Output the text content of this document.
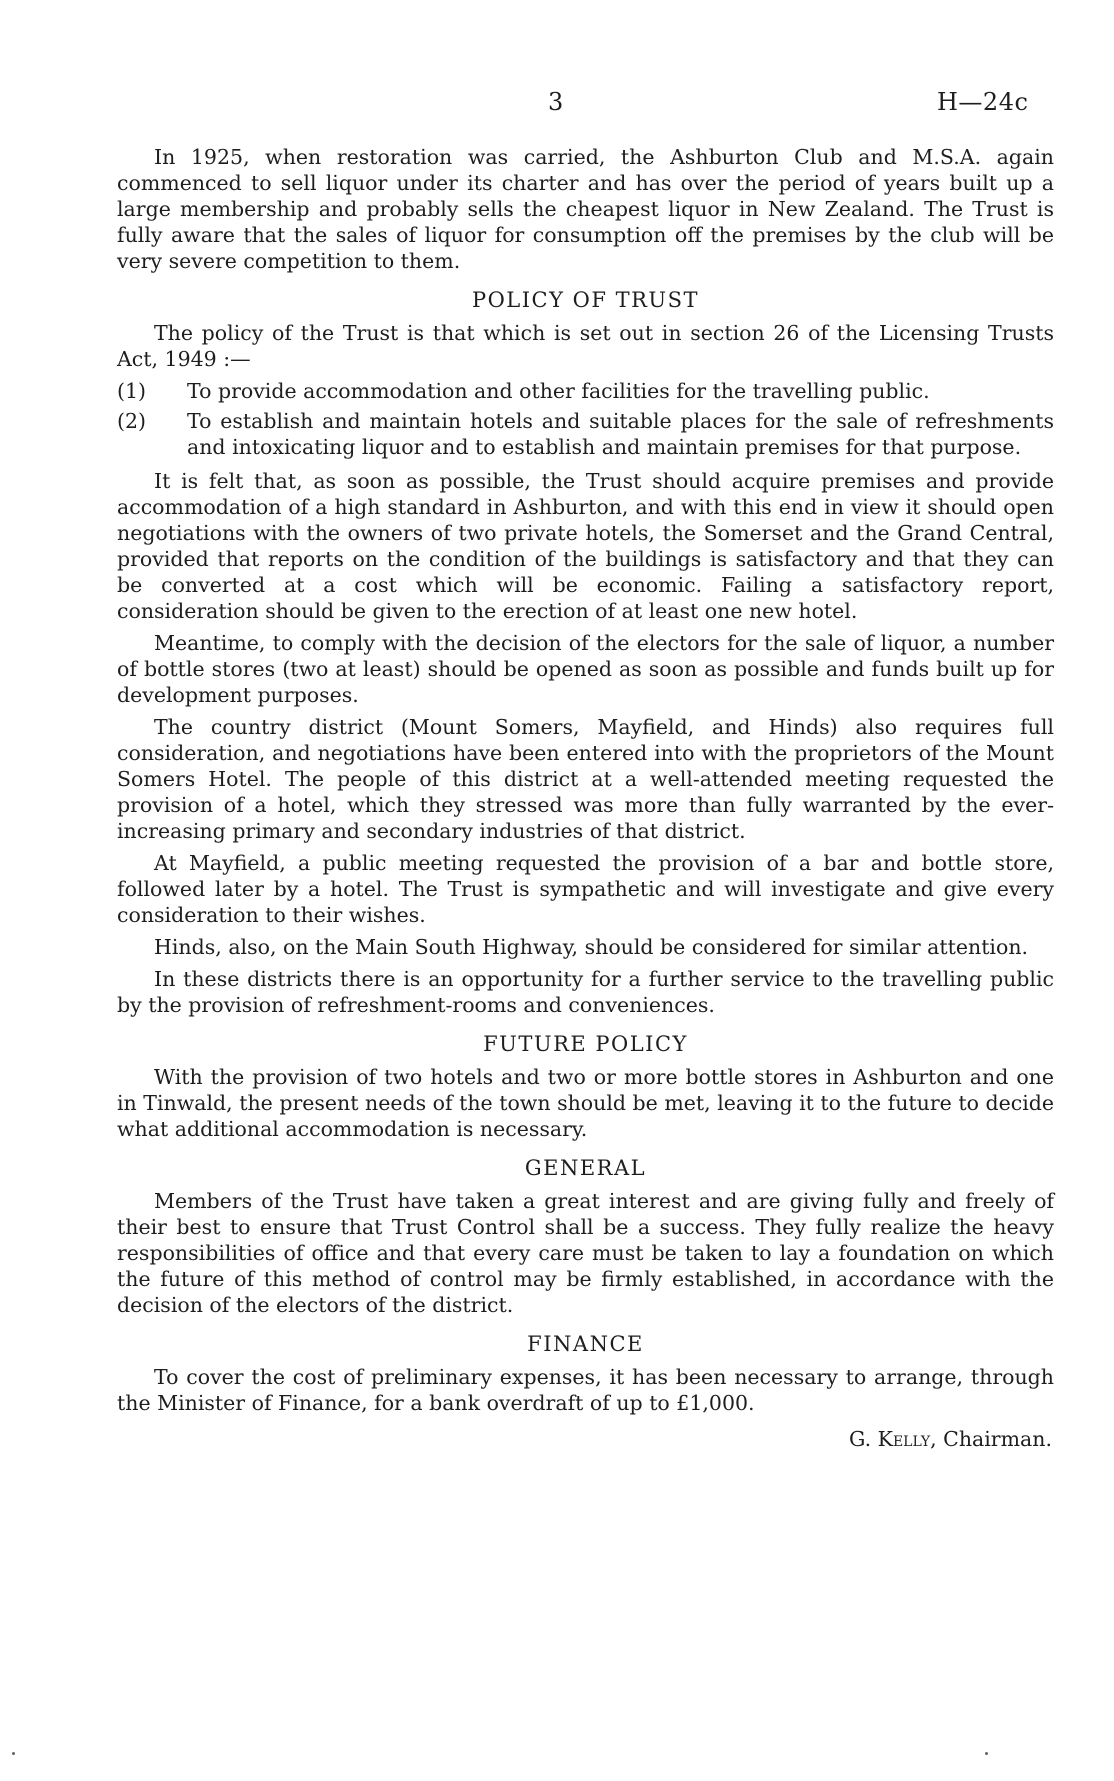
3	H—24c

In 1925, when restoration was carried, the Ashburton Club and M.S.A. again commenced to sell liquor under its charter and has over the period of years built up a large membership and probably sells the cheapest liquor in New Zealand. The Trust is fully aware that the sales of liquor for consumption off the premises by the club will be very severe competition to them.

POLICY OF TRUST

The policy of the Trust is that which is set out in section 26 of the Licensing Trusts Act, 1949 :—

(1)	To provide accommodation and other facilities for the travelling public.
(2)	To establish and maintain hotels and suitable places for the sale of refreshments and intoxicating liquor and to establish and maintain premises for that purpose.

It is felt that, as soon as possible, the Trust should acquire premises and provide accommodation of a high standard in Ashburton, and with this end in view it should open negotiations with the owners of two private hotels, the Somerset and the Grand Central, provided that reports on the condition of the buildings is satisfactory and that they can be converted at a cost which will be economic. Failing a satisfactory report, consideration should be given to the erection of at least one new hotel.

Meantime, to comply with the decision of the electors for the sale of liquor, a number of bottle stores (two at least) should be opened as soon as possible and funds built up for development purposes.

The country district (Mount Somers, Mayfield, and Hinds) also requires full consideration, and negotiations have been entered into with the proprietors of the Mount Somers Hotel. The people of this district at a well-attended meeting requested the provision of a hotel, which they stressed was more than fully warranted by the ever-increasing primary and secondary industries of that district.

At Mayfield, a public meeting requested the provision of a bar and bottle store, followed later by a hotel. The Trust is sympathetic and will investigate and give every consideration to their wishes.

Hinds, also, on the Main South Highway, should be considered for similar attention.

In these districts there is an opportunity for a further service to the travelling public by the provision of refreshment-rooms and conveniences.

FUTURE POLICY

With the provision of two hotels and two or more bottle stores in Ashburton and one in Tinwald, the present needs of the town should be met, leaving it to the future to decide what additional accommodation is necessary.

GENERAL

Members of the Trust have taken a great interest and are giving fully and freely of their best to ensure that Trust Control shall be a success. They fully realize the heavy responsibilities of office and that every care must be taken to lay a foundation on which the future of this method of control may be firmly established, in accordance with the decision of the electors of the district.

FINANCE

To cover the cost of preliminary expenses, it has been necessary to arrange, through the Minister of Finance, for a bank overdraft of up to £1,000.

G. Kelly, Chairman.
